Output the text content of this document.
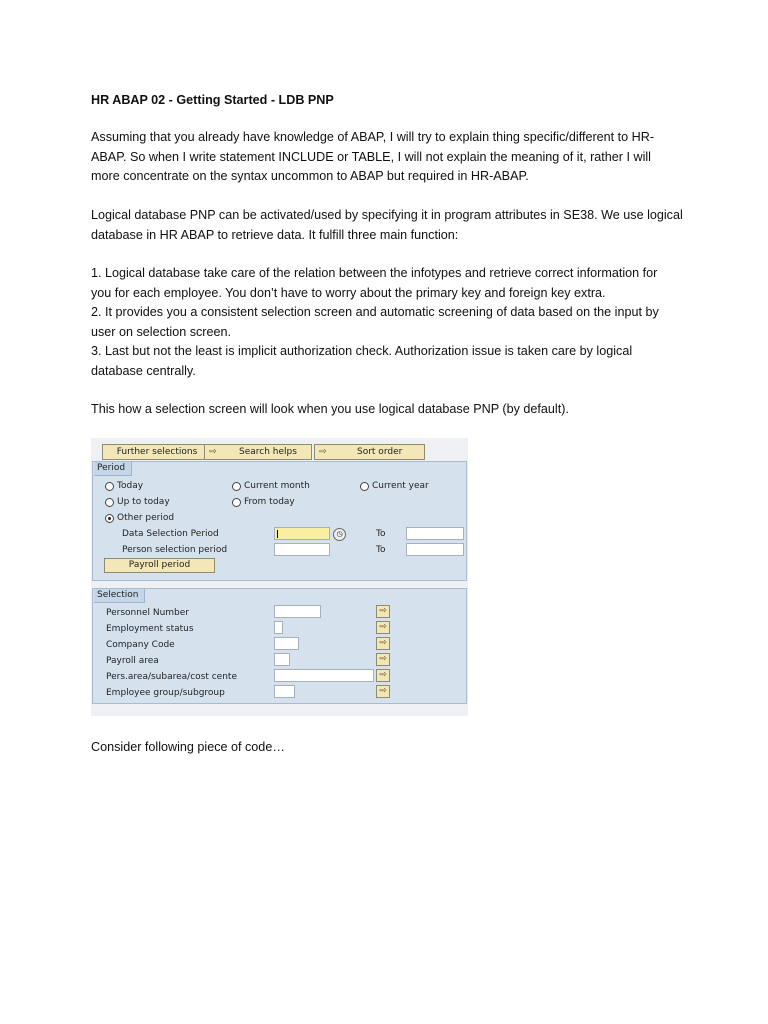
HR ABAP 02 - Getting Started - LDB PNP

Assuming that you already have knowledge of ABAP, I will try to explain thing specific/different to HR-

ABAP. So when I write statement INCLUDE or TABLE, I will not explain the meaning of it, rather I will

more concentrate on the syntax uncommon to ABAP but required in HR-ABAP.

Logical database PNP can be activated/used by specifying it in program attributes in SE38. We use logical

database in HR ABAP to retrieve data. It fulfill three main function:

1. Logical database take care of the relation between the infotypes and retrieve correct information for

you for each employee. You don’t have to worry about the primary key and foreign key extra.

2. It provides you a consistent selection screen and automatic screening of data based on the input by

user on selection screen.

3. Last but not the least is implicit authorization check. Authorization issue is taken care by logical

database centrally.

This how a selection screen will look when you use logical database PNP (by default).

Consider following piece of code…

Further selections	⇨ Search helps ⇨	Sort order
Period
Today	Current month	Current year
Up to today	From today
Other period
Data Selection Period	◷	To
Person selection period	To
Payroll period
Selection
Personnel Number	⇨
Employment status	⇨
Company Code	⇨
Payroll area	⇨
Pers.area/subarea/cost cente	⇨
Employee group/subgroup	⇨
